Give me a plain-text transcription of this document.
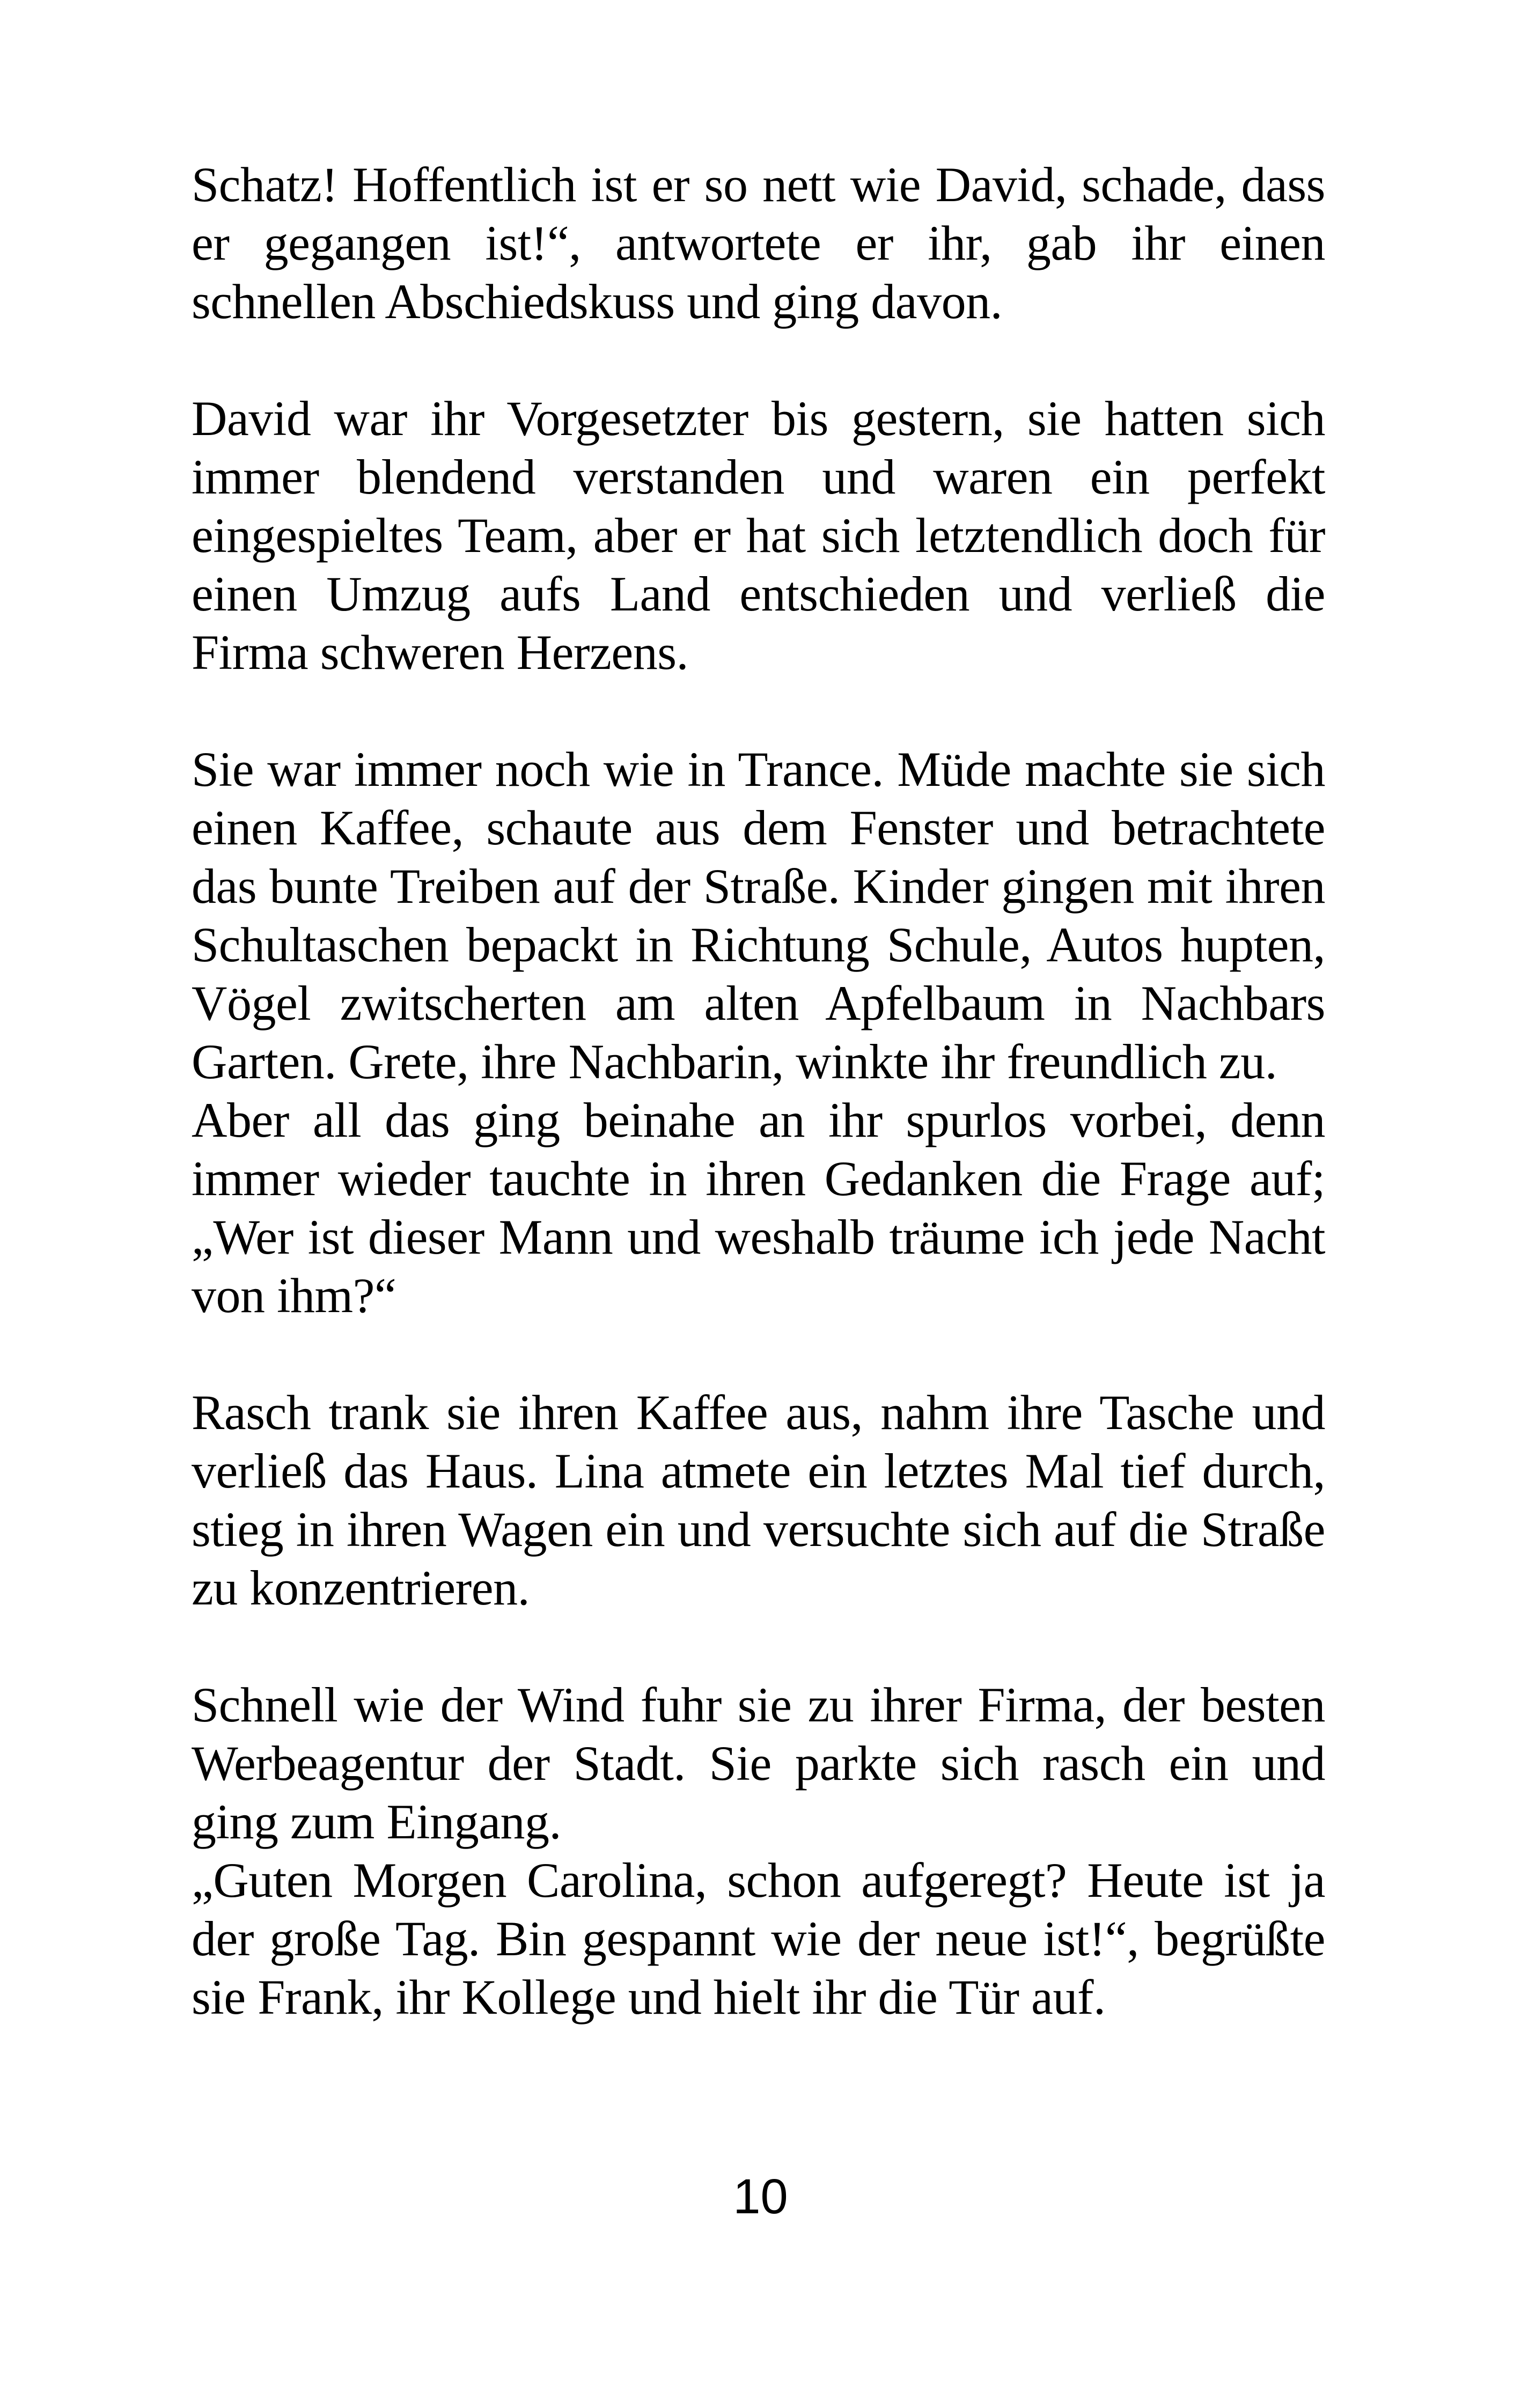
Schatz! Hoffentlich ist er so nett wie David, schade, dass er gegangen ist!“, antwortete er ihr, gab ihr einen schnellen Abschiedskuss und ging davon.

David war ihr Vorgesetzter bis gestern, sie hatten sich immer blendend verstanden und waren ein perfekt eingespieltes Team, aber er hat sich letztendlich doch für einen Umzug aufs Land entschieden und verließ die Firma schweren Herzens.

Sie war immer noch wie in Trance. Müde machte sie sich einen Kaffee, schaute aus dem Fenster und betrachtete das bunte Treiben auf der Straße. Kinder gingen mit ihren Schultaschen bepackt in Richtung Schule, Autos hupten, Vögel zwitscherten am alten Apfelbaum in Nachbars Garten. Grete, ihre Nachbarin, winkte ihr freundlich zu.

Aber all das ging beinahe an ihr spurlos vorbei, denn immer wieder tauchte in ihren Gedanken die Frage auf; „Wer ist dieser Mann und weshalb träume ich jede Nacht von ihm?“

Rasch trank sie ihren Kaffee aus, nahm ihre Tasche und verließ das Haus. Lina atmete ein letztes Mal tief durch, stieg in ihren Wagen ein und versuchte sich auf die Straße zu konzentrieren.

Schnell wie der Wind fuhr sie zu ihrer Firma, der besten Werbeagentur der Stadt. Sie parkte sich rasch ein und ging zum Eingang.

„Guten Morgen Carolina, schon aufgeregt? Heute ist ja der große Tag. Bin gespannt wie der neue ist!“, begrüßte sie Frank, ihr Kollege und hielt ihr die Tür auf.

10
